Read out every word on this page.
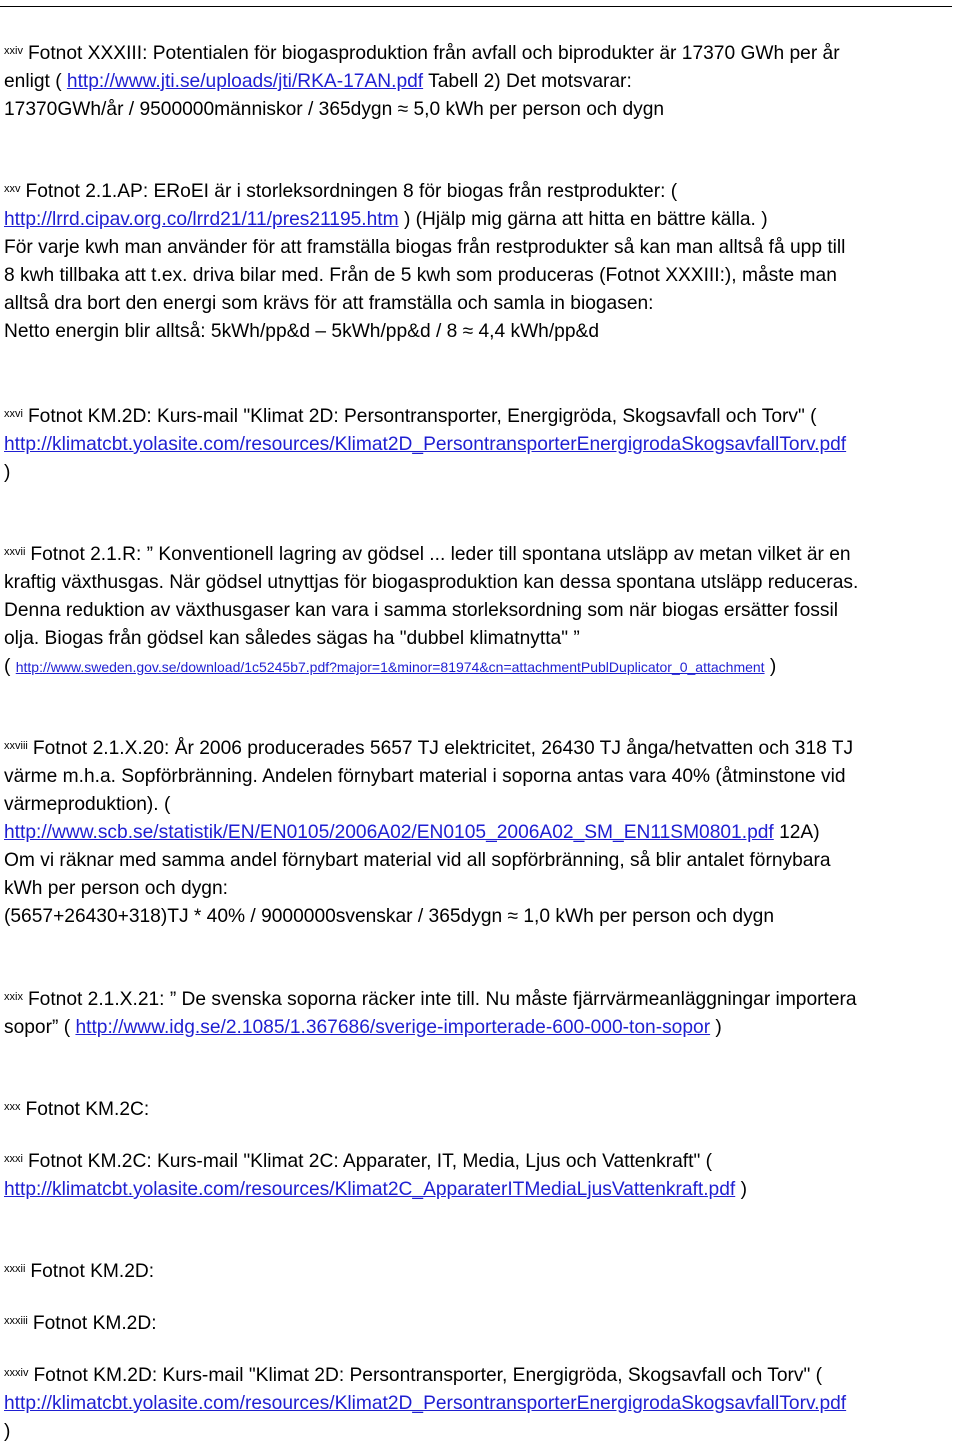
$^{xxiv}$ Fotnot XXXIII: Potentialen för biogasproduktion från avfall och biprodukter är 17370 GWh per år
enligt ( http://www.jti.se/uploads/jti/RKA-17AN.pdf Tabell 2) Det motsvarar:
17370GWh/år / 9500000människor / 365dygn ≈ 5,0 kWh per person och dygn
$^{xxv}$ Fotnot 2.1.AP: ERoEI är i storleksordningen 8 för biogas från restprodukter: (
http://lrrd.cipav.org.co/lrrd21/11/pres21195.htm ) (Hjälp mig gärna att hitta en bättre källa. )
För varje kwh man använder för att framställa biogas från restprodukter så kan man alltså få upp till
8 kwh tillbaka att t.ex. driva bilar med. Från de 5 kwh som produceras (Fotnot XXXIII:), måste man
alltså dra bort den energi som krävs för att framställa och samla in biogasen:
Netto energin blir alltså: 5kWh/pp&d – 5kWh/pp&d / 8 ≈ 4,4 kWh/pp&d
$^{xxvi}$ Fotnot KM.2D: Kurs-mail "Klimat 2D: Persontransporter, Energigröda, Skogsavfall och Torv" (
http://klimatcbt.yolasite.com/resources/Klimat2D_PersontransporterEnergigrodaSkogsavfallTorv.pdf
)
$^{xxvii}$ Fotnot 2.1.R: ” Konventionell lagring av gödsel ... leder till spontana utsläpp av metan vilket är en
kraftig växthusgas. När gödsel utnyttjas för biogasproduktion kan dessa spontana utsläpp reduceras.
Denna reduktion av växthusgaser kan vara i samma storleksordning som när biogas ersätter fossil
olja. Biogas från gödsel kan således sägas ha "dubbel klimatnytta" ”
( http://www.sweden.gov.se/download/1c5245b7.pdf?major=1&minor=81974&cn=attachmentPublDuplicator_0_attachment )
$^{xxviii}$ Fotnot 2.1.X.20: År 2006 producerades 5657 TJ elektricitet, 26430 TJ ånga/hetvatten och 318 TJ
värme m.h.a. Sopförbränning. Andelen förnybart material i soporna antas vara 40% (åtminstone vid
värmeproduktion). (
http://www.scb.se/statistik/EN/EN0105/2006A02/EN0105_2006A02_SM_EN11SM0801.pdf 12A)
Om vi räknar med samma andel förnybart material vid all sopförbränning, så blir antalet förnybara
kWh per person och dygn:
(5657+26430+318)TJ * 40% / 9000000svenskar / 365dygn ≈ 1,0 kWh per person och dygn
$^{xxix}$ Fotnot 2.1.X.21: ” De svenska soporna räcker inte till. Nu måste fjärrvärmeanläggningar importera
sopor” ( http://www.idg.se/2.1085/1.367686/sverige-importerade-600-000-ton-sopor )
$^{xxx}$ Fotnot KM.2C:
$^{xxxi}$ Fotnot KM.2C: Kurs-mail "Klimat 2C: Apparater, IT, Media, Ljus och Vattenkraft" (
http://klimatcbt.yolasite.com/resources/Klimat2C_ApparaterITMediaLjusVattenkraft.pdf )
$^{xxxii}$ Fotnot KM.2D:
$^{xxxiii}$ Fotnot KM.2D:
$^{xxxiv}$ Fotnot KM.2D: Kurs-mail "Klimat 2D: Persontransporter, Energigröda, Skogsavfall och Torv" (
http://klimatcbt.yolasite.com/resources/Klimat2D_PersontransporterEnergigrodaSkogsavfallTorv.pdf
)
